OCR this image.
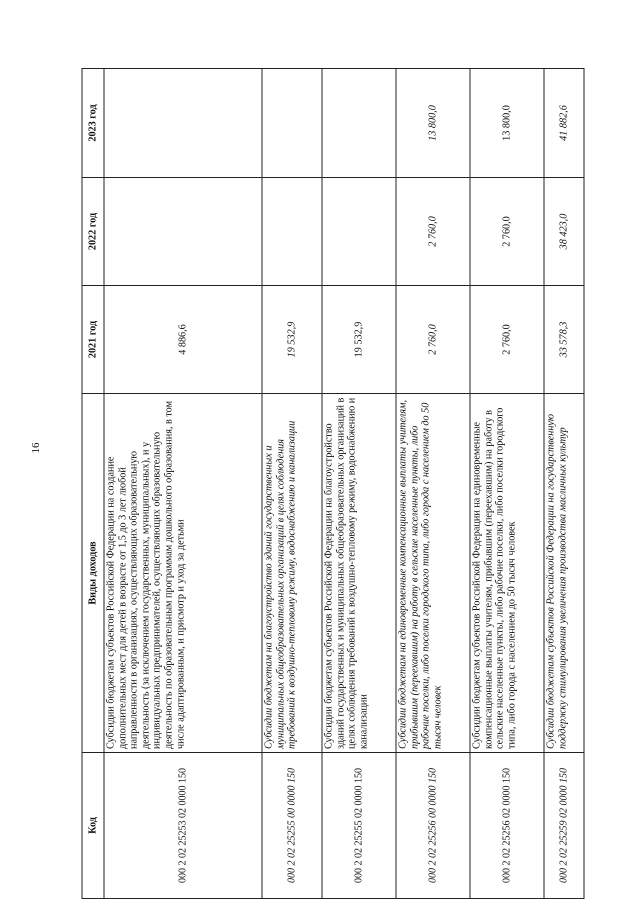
16
Код	Виды доходов	2021 год	2022 год	2023 год
000 2 02 25253 02 0000 150	Субсидии бюджетам субъектов Российской Федерации на создание дополнительных мест для детей в возрасте от 1,5 до 3 лет любой направленности в организациях, осуществляющих образовательную деятельность (за исключением государственных, муниципальных), и у индивидуальных предпринимателей, осуществляющих образовательную деятельность по образовательным программам дошкольного образования, в том числе адаптированным, и присмотр и уход за детьми	4 886,6		
000 2 02 25255 00 0000 150	Субсидии бюджетам на благоустройство зданий государственных и муниципальных общеобразовательных организаций в целях соблюдения требований к воздушно-тепловому режиму, водоснабжению и канализации	19 532,9		
000 2 02 25255 02 0000 150	Субсидии бюджетам субъектов Российской Федерации на благоустройство зданий государственных и муниципальных общеобразовательных организаций в целях соблюдения требований к воздушно-тепловому режиму, водоснабжению и канализации	19 532,9		
000 2 02 25256 00 0000 150	Субсидии бюджетам на единовременные компенсационные выплаты учителям, прибывшим (переехавшим) на работу в сельские населенные пункты, либо рабочие поселки, либо поселки городского типа, либо города с населением до 50 тысяч человек	2 760,0	2 760,0	13 800,0
000 2 02 25256 02 0000 150	Субсидии бюджетам субъектов Российской Федерации на единовременные компенсационные выплаты учителям, прибывшим (переехавшим) на работу в сельские населенные пункты, либо рабочие поселки, либо поселки городского типа, либо города с населением до 50 тысяч человек	2 760,0	2 760,0	13 800,0
000 2 02 25259 02 0000 150	Субсидии бюджетам субъектов Российской Федерации на государственную поддержку стимулирования увеличения производства масличных культур	33 578,3	38 423,0	41 882,6
